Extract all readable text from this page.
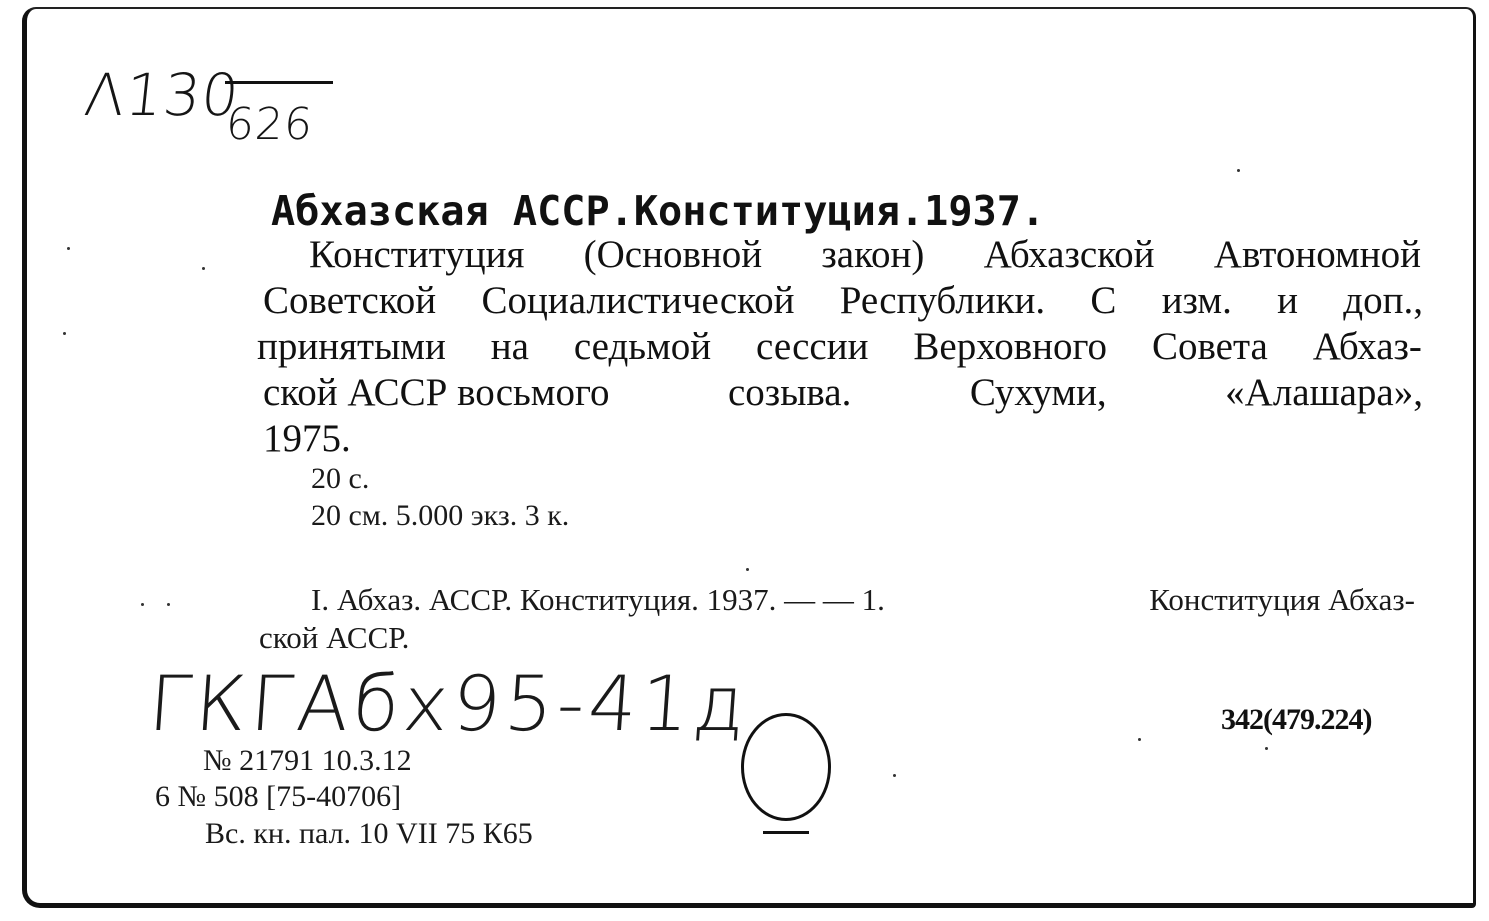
Λ130
626
Абхазская АССР.Конституция.1937.
Конституция (Основной закон) Абхазской Автономной
Советской Социалистической Республики. С изм. и доп.,
принятыми на седьмой сессии Верховного Совета Абхаз-
ской АССР восьмого	созыва.	Сухуми,	«Алашара»,
1975.
20 с.
20 см. 5.000 экз. 3 к.
I. Абхаз. АССР. Конституция. 1937. — — 1.	Конституция Абхаз-
ской АССР.
ГКГАбх95-41д	342(479.224)
№ 21791 10.3.12
6 № 508 [75-40706]
Вс. кн. пал. 10 VII 75 К65
